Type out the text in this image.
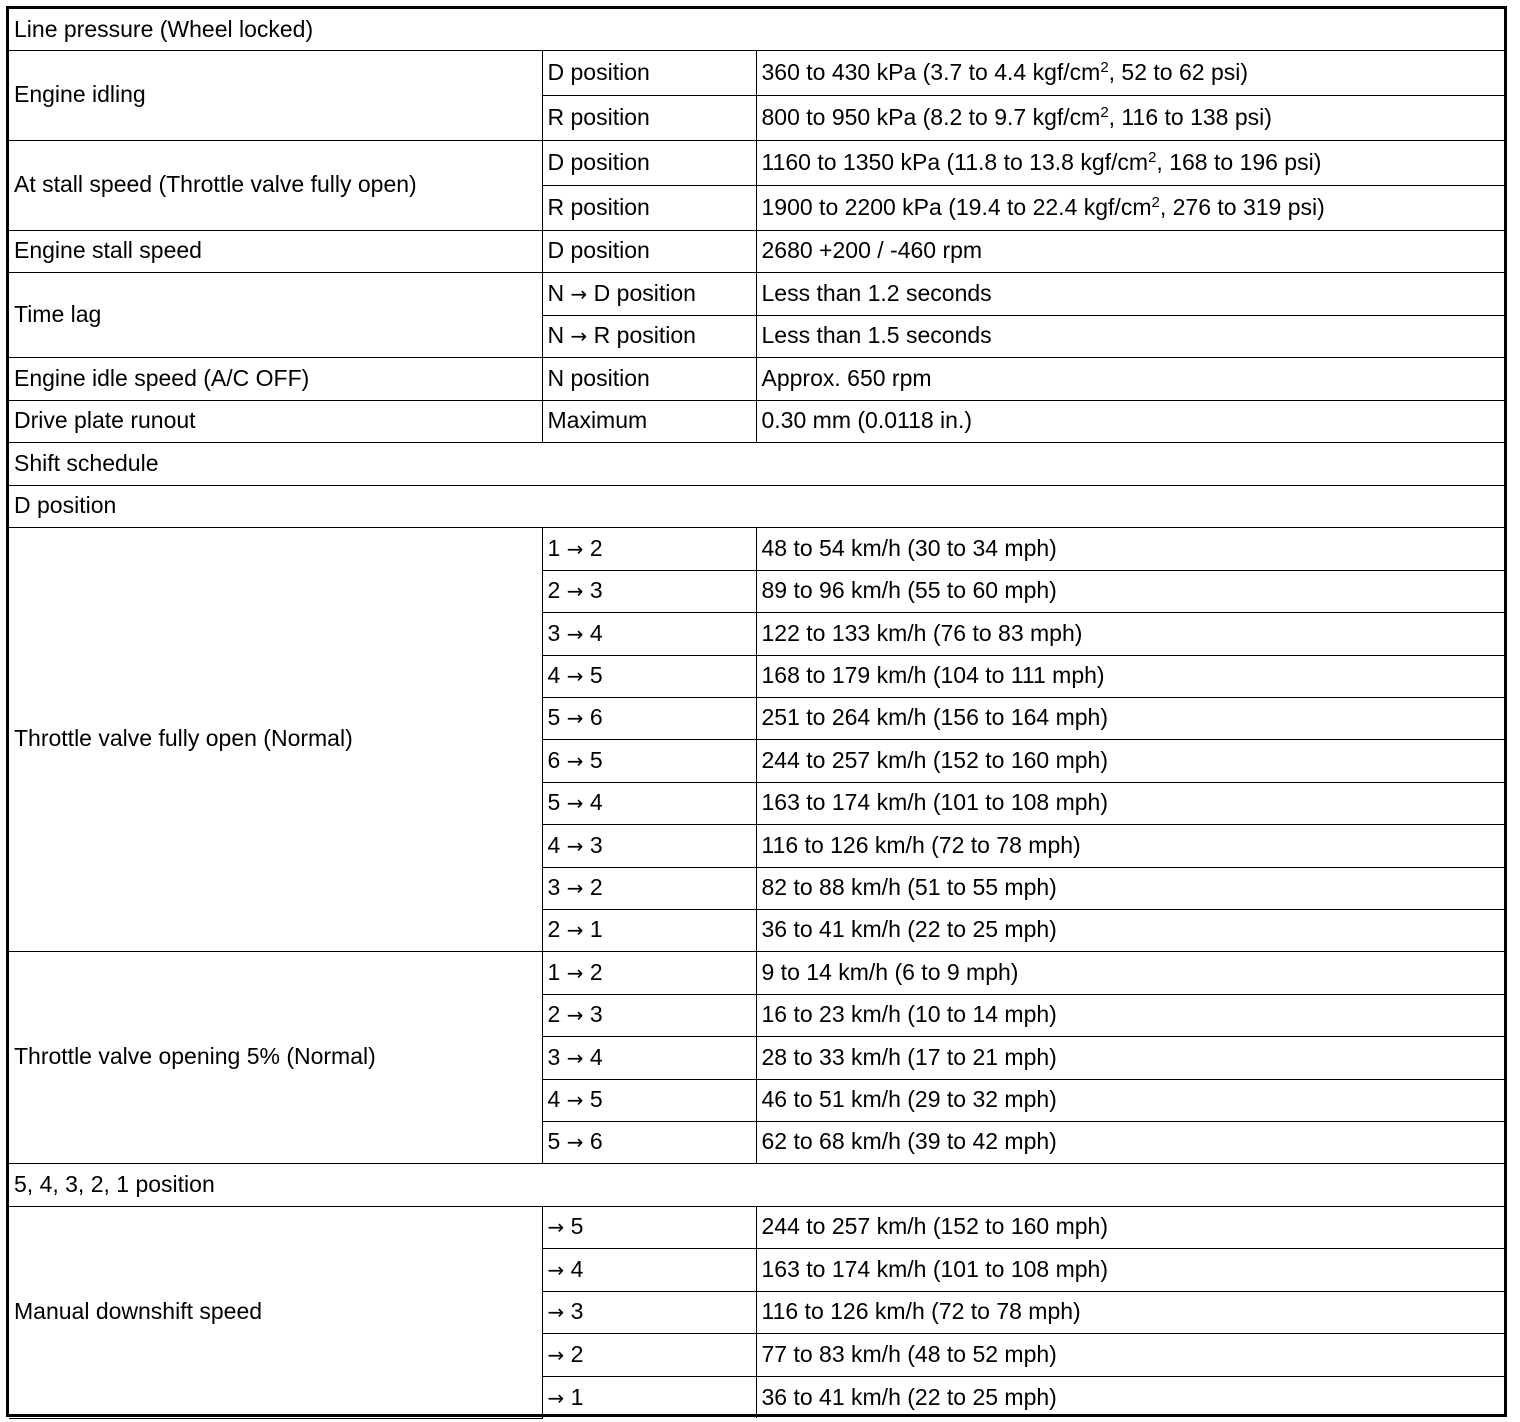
Line pressure (Wheel locked)		
Engine idling	D position	360 to 430 kPa (3.7 to 4.4 kgf/$cm^2$, 52 to 62 psi)
	R position	800 to 950 kPa (8.2 to 9.7 kgf/$cm^2$, 116 to 138 psi)
At stall speed (Throttle valve fully open)	D position	1160 to 1350 kPa (11.8 to 13.8 kgf/$cm^2$, 168 to 196 psi)
	R position	1900 to 2200 kPa (19.4 to 22.4 kgf/$cm^2$, 276 to 319 psi)
Engine stall speed	D position	2680 +200 / -460 rpm
Time lag	N → D position	Less than 1.2 seconds
	N → R position	Less than 1.5 seconds
Engine idle speed (A/C OFF)	N position	Approx. 650 rpm
Drive plate runout	Maximum	0.30 mm (0.0118 in.)
Shift schedule		
D position		
Throttle valve fully open (Normal)	1 → 2	48 to 54 km/h (30 to 34 mph)
	2 → 3	89 to 96 km/h (55 to 60 mph)
	3 → 4	122 to 133 km/h (76 to 83 mph)
	4 → 5	168 to 179 km/h (104 to 111 mph)
	5 → 6	251 to 264 km/h (156 to 164 mph)
	6 → 5	244 to 257 km/h (152 to 160 mph)
	5 → 4	163 to 174 km/h (101 to 108 mph)
	4 → 3	116 to 126 km/h (72 to 78 mph)
	3 → 2	82 to 88 km/h (51 to 55 mph)
	2 → 1	36 to 41 km/h (22 to 25 mph)
Throttle valve opening 5% (Normal)	1 → 2	9 to 14 km/h (6 to 9 mph)
	2 → 3	16 to 23 km/h (10 to 14 mph)
	3 → 4	28 to 33 km/h (17 to 21 mph)
	4 → 5	46 to 51 km/h (29 to 32 mph)
	5 → 6	62 to 68 km/h (39 to 42 mph)
5, 4, 3, 2, 1 position		
Manual downshift speed	→ 5	244 to 257 km/h (152 to 160 mph)
	→ 4	163 to 174 km/h (101 to 108 mph)
	→ 3	116 to 126 km/h (72 to 78 mph)
	→ 2	77 to 83 km/h (48 to 52 mph)
	→ 1	36 to 41 km/h (22 to 25 mph)
